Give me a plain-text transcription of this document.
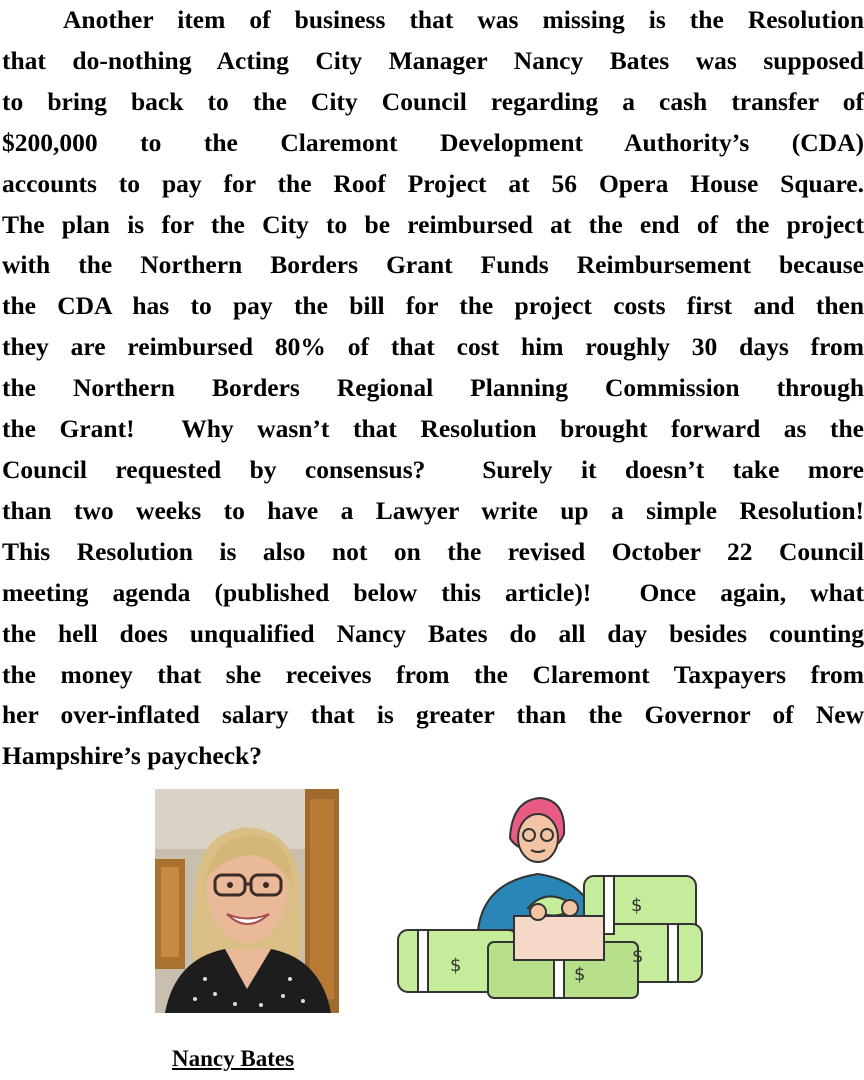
Another item of business that was missing is the Resolution
that do-nothing Acting City Manager Nancy Bates was supposed
to bring back to the City Council regarding a cash transfer of
$200,000 to the Claremont Development Authority’s (CDA)
accounts to pay for the Roof Project at 56 Opera House Square.
The plan is for the City to be reimbursed at the end of the project
with the Northern Borders Grant Funds Reimbursement because
the CDA has to pay the bill for the project costs first and then
they are reimbursed 80% of that cost him roughly 30 days from
the Northern Borders Regional Planning Commission through
the Grant!  Why wasn’t that Resolution brought forward as the
Council requested by consensus?  Surely it doesn’t take more
than two weeks to have a Lawyer write up a simple Resolution!
This Resolution is also not on the revised October 22 Council
meeting agenda (published below this article)!  Once again, what
the hell does unqualified Nancy Bates do all day besides counting
the money that she receives from the Claremont Taxpayers from
her over-inflated salary that is greater than the Governor of New
Hampshire’s paycheck?
$
$	$
$
Nancy Bates
